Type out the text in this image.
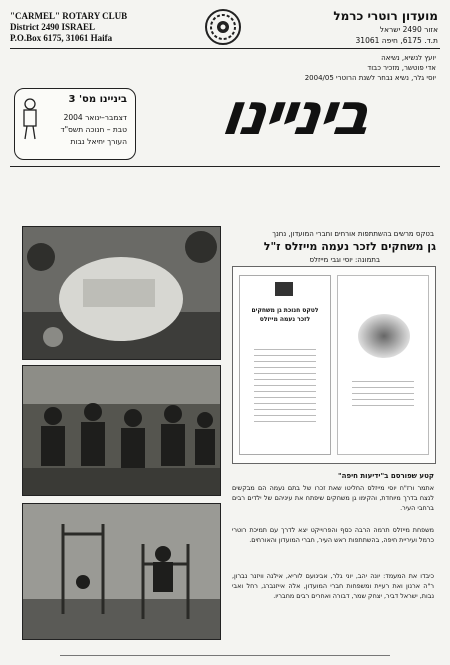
"CARMEL" ROTARY CLUB
District 2490 ISRAEL
P.O.Box 6175, 31061 Haifa
מועדון רוטרי כרמל
אזור 2490 ישראל
ת.ד. 6175, חיפה 31061
יועץ לנשיא, נשיאה
אדי פוטשר, מזכיר כבוד
יוסי גלר, נשיא נבחר לשנת הרוטרי 2004/05
ביניינו מס' 3
דצמבר–ינואר 2004
טבת – חנוכה תשס"ד
העורך יחיאל נבות	ביניינו
בטקס מרשים בהשתתפות אורחים וחברי המועדון, נחנך
גן משחקים לזכר נעמה מייזלס ז"ל
בתמונה: יוסי וגבי מייזלס
לטקס חנוכת גן משחקים לזכר נעמה מייזלס
קטע שפורסם ב"ידיעות חיפה"
אתמר ורז"ח יוסי מייזלס החליטו שאת זכרו של בתם נעמה הם מבקשים לנצח בדרך מיוחדת, והקימו גן משחקים שיפתח את עיניהם של ילדים רבים ברחבי העיר.
משפחת מייזלס תרמה הרבה כסף והפרוייקט יצא לדרך עם תמיכת רוטרי כרמל ועיריית חיפה, בהשתתפות ראש העיר, חברי המועדון והאורחים.
כיבדו את המעמד: יונה יהב, יוני גלר, אבינועם לוריא, אילנה וויזנר נברון, ר"ה ארנון ואת רעיית ומשפחות חברי המועדון, אלה אייזנברג, רחל ואבי נבות, ישראל דביר, יצחק שמר, דבורה ואחרים רבים מחבריו.
